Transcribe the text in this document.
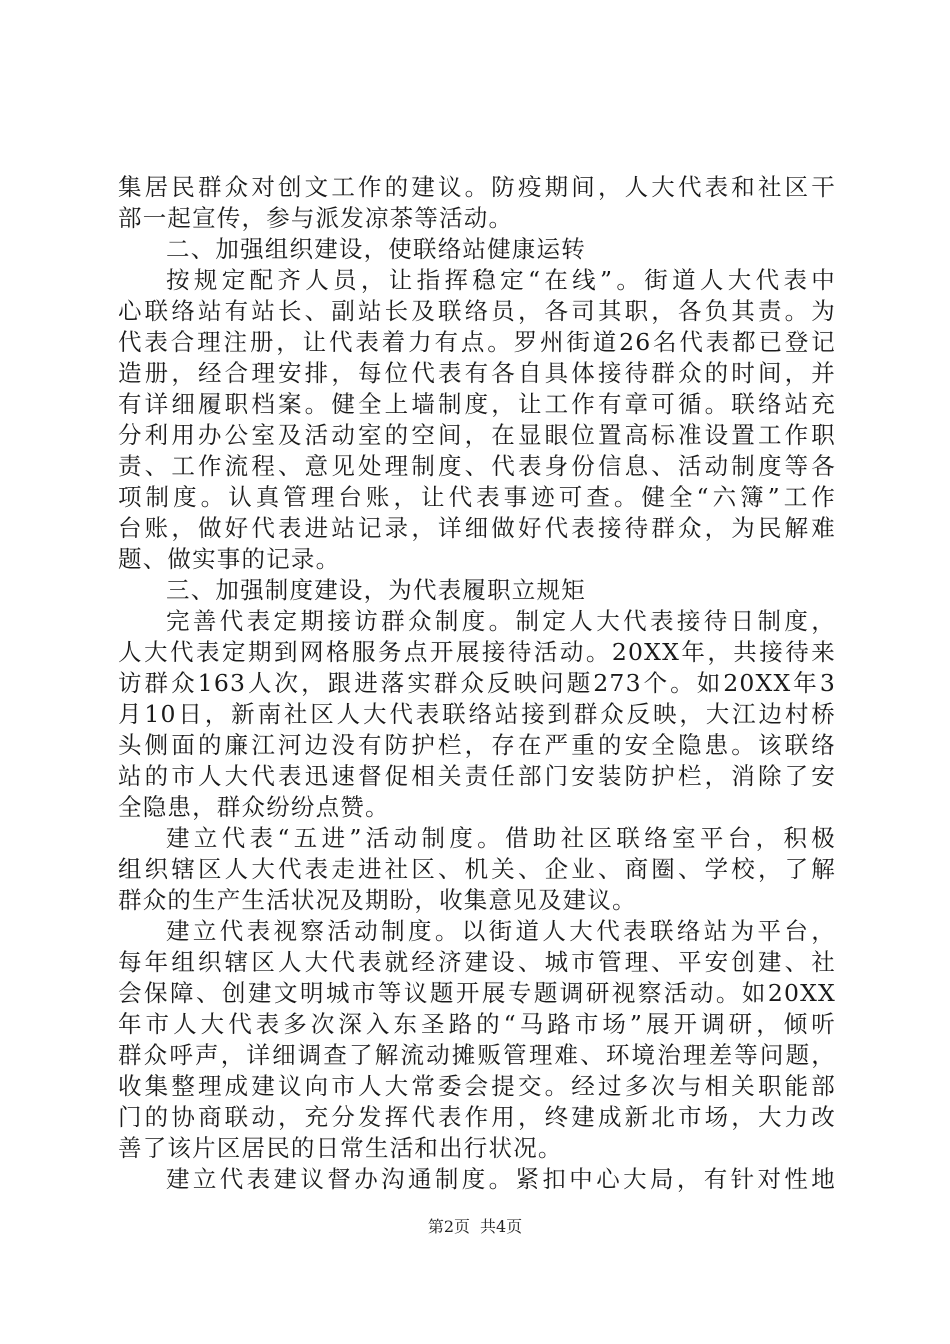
集居民群众对创文工作的建议。防疫期间，人大代表和社区干
部一起宣传，参与派发凉茶等活动。
二、加强组织建设，使联络站健康运转
按规定配齐人员，让指挥稳定“在线”。街道人大代表中
心联络站有站长、副站长及联络员，各司其职，各负其责。为
代表合理注册，让代表着力有点。罗州街道26名代表都已登记
造册，经合理安排，每位代表有各自具体接待群众的时间，并
有详细履职档案。健全上墙制度，让工作有章可循。联络站充
分利用办公室及活动室的空间，在显眼位置高标准设置工作职
责、工作流程、意见处理制度、代表身份信息、活动制度等各
项制度。认真管理台账，让代表事迹可查。健全“六簿”工作
台账，做好代表进站记录，详细做好代表接待群众，为民解难
题、做实事的记录。
三、加强制度建设，为代表履职立规矩
完善代表定期接访群众制度。制定人大代表接待日制度，
人大代表定期到网格服务点开展接待活动。20XX年，共接待来
访群众163人次，跟进落实群众反映问题273个。如20XX年3
月10日，新南社区人大代表联络站接到群众反映，大江边村桥
头侧面的廉江河边没有防护栏，存在严重的安全隐患。该联络
站的市人大代表迅速督促相关责任部门安装防护栏，消除了安
全隐患，群众纷纷点赞。
建立代表“五进”活动制度。借助社区联络室平台，积极
组织辖区人大代表走进社区、机关、企业、商圈、学校，了解
群众的生产生活状况及期盼，收集意见及建议。
建立代表视察活动制度。以街道人大代表联络站为平台，
每年组织辖区人大代表就经济建设、城市管理、平安创建、社
会保障、创建文明城市等议题开展专题调研视察活动。如20XX
年市人大代表多次深入东圣路的“马路市场”展开调研，倾听
群众呼声，详细调查了解流动摊贩管理难、环境治理差等问题，
收集整理成建议向市人大常委会提交。经过多次与相关职能部
门的协商联动，充分发挥代表作用，终建成新北市场，大力改
善了该片区居民的日常生活和出行状况。
建立代表建议督办沟通制度。紧扣中心大局，有针对性地
第2页 共4页
